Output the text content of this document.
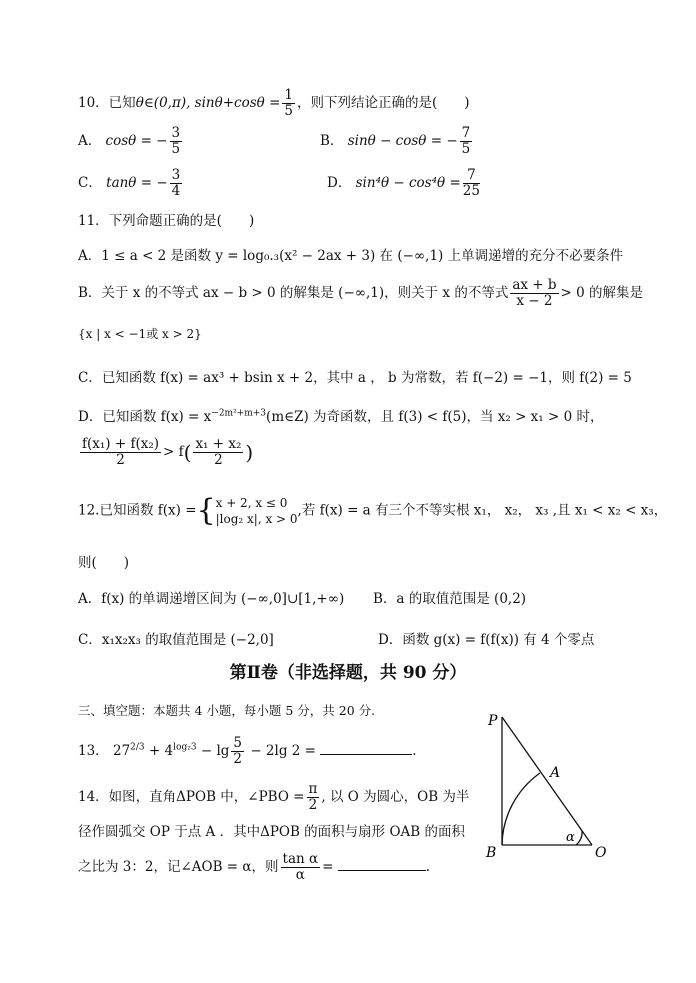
10．已知θ∈(0,π), $\sin\theta+\cos\theta = \frac{1}{5}$ ，则下列结论正确的是(　　)
A． cosθ = − $\frac{3}{5}$	B． sinθ − cosθ = − $\frac{7}{5}$
C． tanθ = − $\frac{3}{4}$	D． $\sin^4\theta - \cos^4\theta = \frac{7}{25}$
11．下列命题正确的是(　　)
A．1 ≤ a < 2 是函数 y = log₀.₃(x² − 2ax + 3) 在 (−∞,1) 上单调递增的充分不必要条件
B．关于 x 的不等式 ax − b > 0 的解集是 (−∞,1)，则关于 x 的不等式 $\frac{ax + b}{x - 2} > 0$ 的解集是
{x | x < −1或 x > 2}
C．已知函数 f(x) = ax³ + bsin x + 2，其中 a ， b 为常数，若 f(−2) = −1，则 f(2) = 5
D．已知函数 $f(x) = x^{-2m^2+m+3}(m\in Z)$ 为奇函数，且 f(3) < f(5)，当 x₂ > x₁ > 0 时，
$\frac{\text{f(x₁) + f(x₂)}}{2} > f( \frac{\text{x₁ + x₂}}{2}$ )
12.已知函数 f(x) ={ x + 2, x ≤ 0
|log₂ x|, x > 0
,若 f(x) = a 有三个不等实根 x₁， x₂， x₃ ,且 x₁ < x₂ < x₃，
则(　　)
A．f(x) 的单调递增区间为 (−∞,0]∪[1,+∞) B．a 的取值范围是 (0,2)
C．x₁x₂x₃ 的取值范围是 (−2,0]	D．函数 g(x) = f(f(x)) 有 4 个零点
第Ⅱ卷（非选择题，共 90 分）
三、填空题：本题共 4 小题，每小题 5 分，共 20 分.
13． $27^{2/3} + 4^{log_23} - \lg \frac{5}{2} - 2\lg$ 2 =	.
14．如图，直角ΔPOB 中，∠PBO = $\frac{\pi}{2}$ , 以 O 为圆心，OB 为半
径作圆弧交 OP 于点 A ．其中ΔPOB 的面积与扇形 OAB 的面积
之比为 3：2，记∠AOB = α，则 $\frac{\text{tan α}}{\alpha}$ =	.
P
A
B	O
α
